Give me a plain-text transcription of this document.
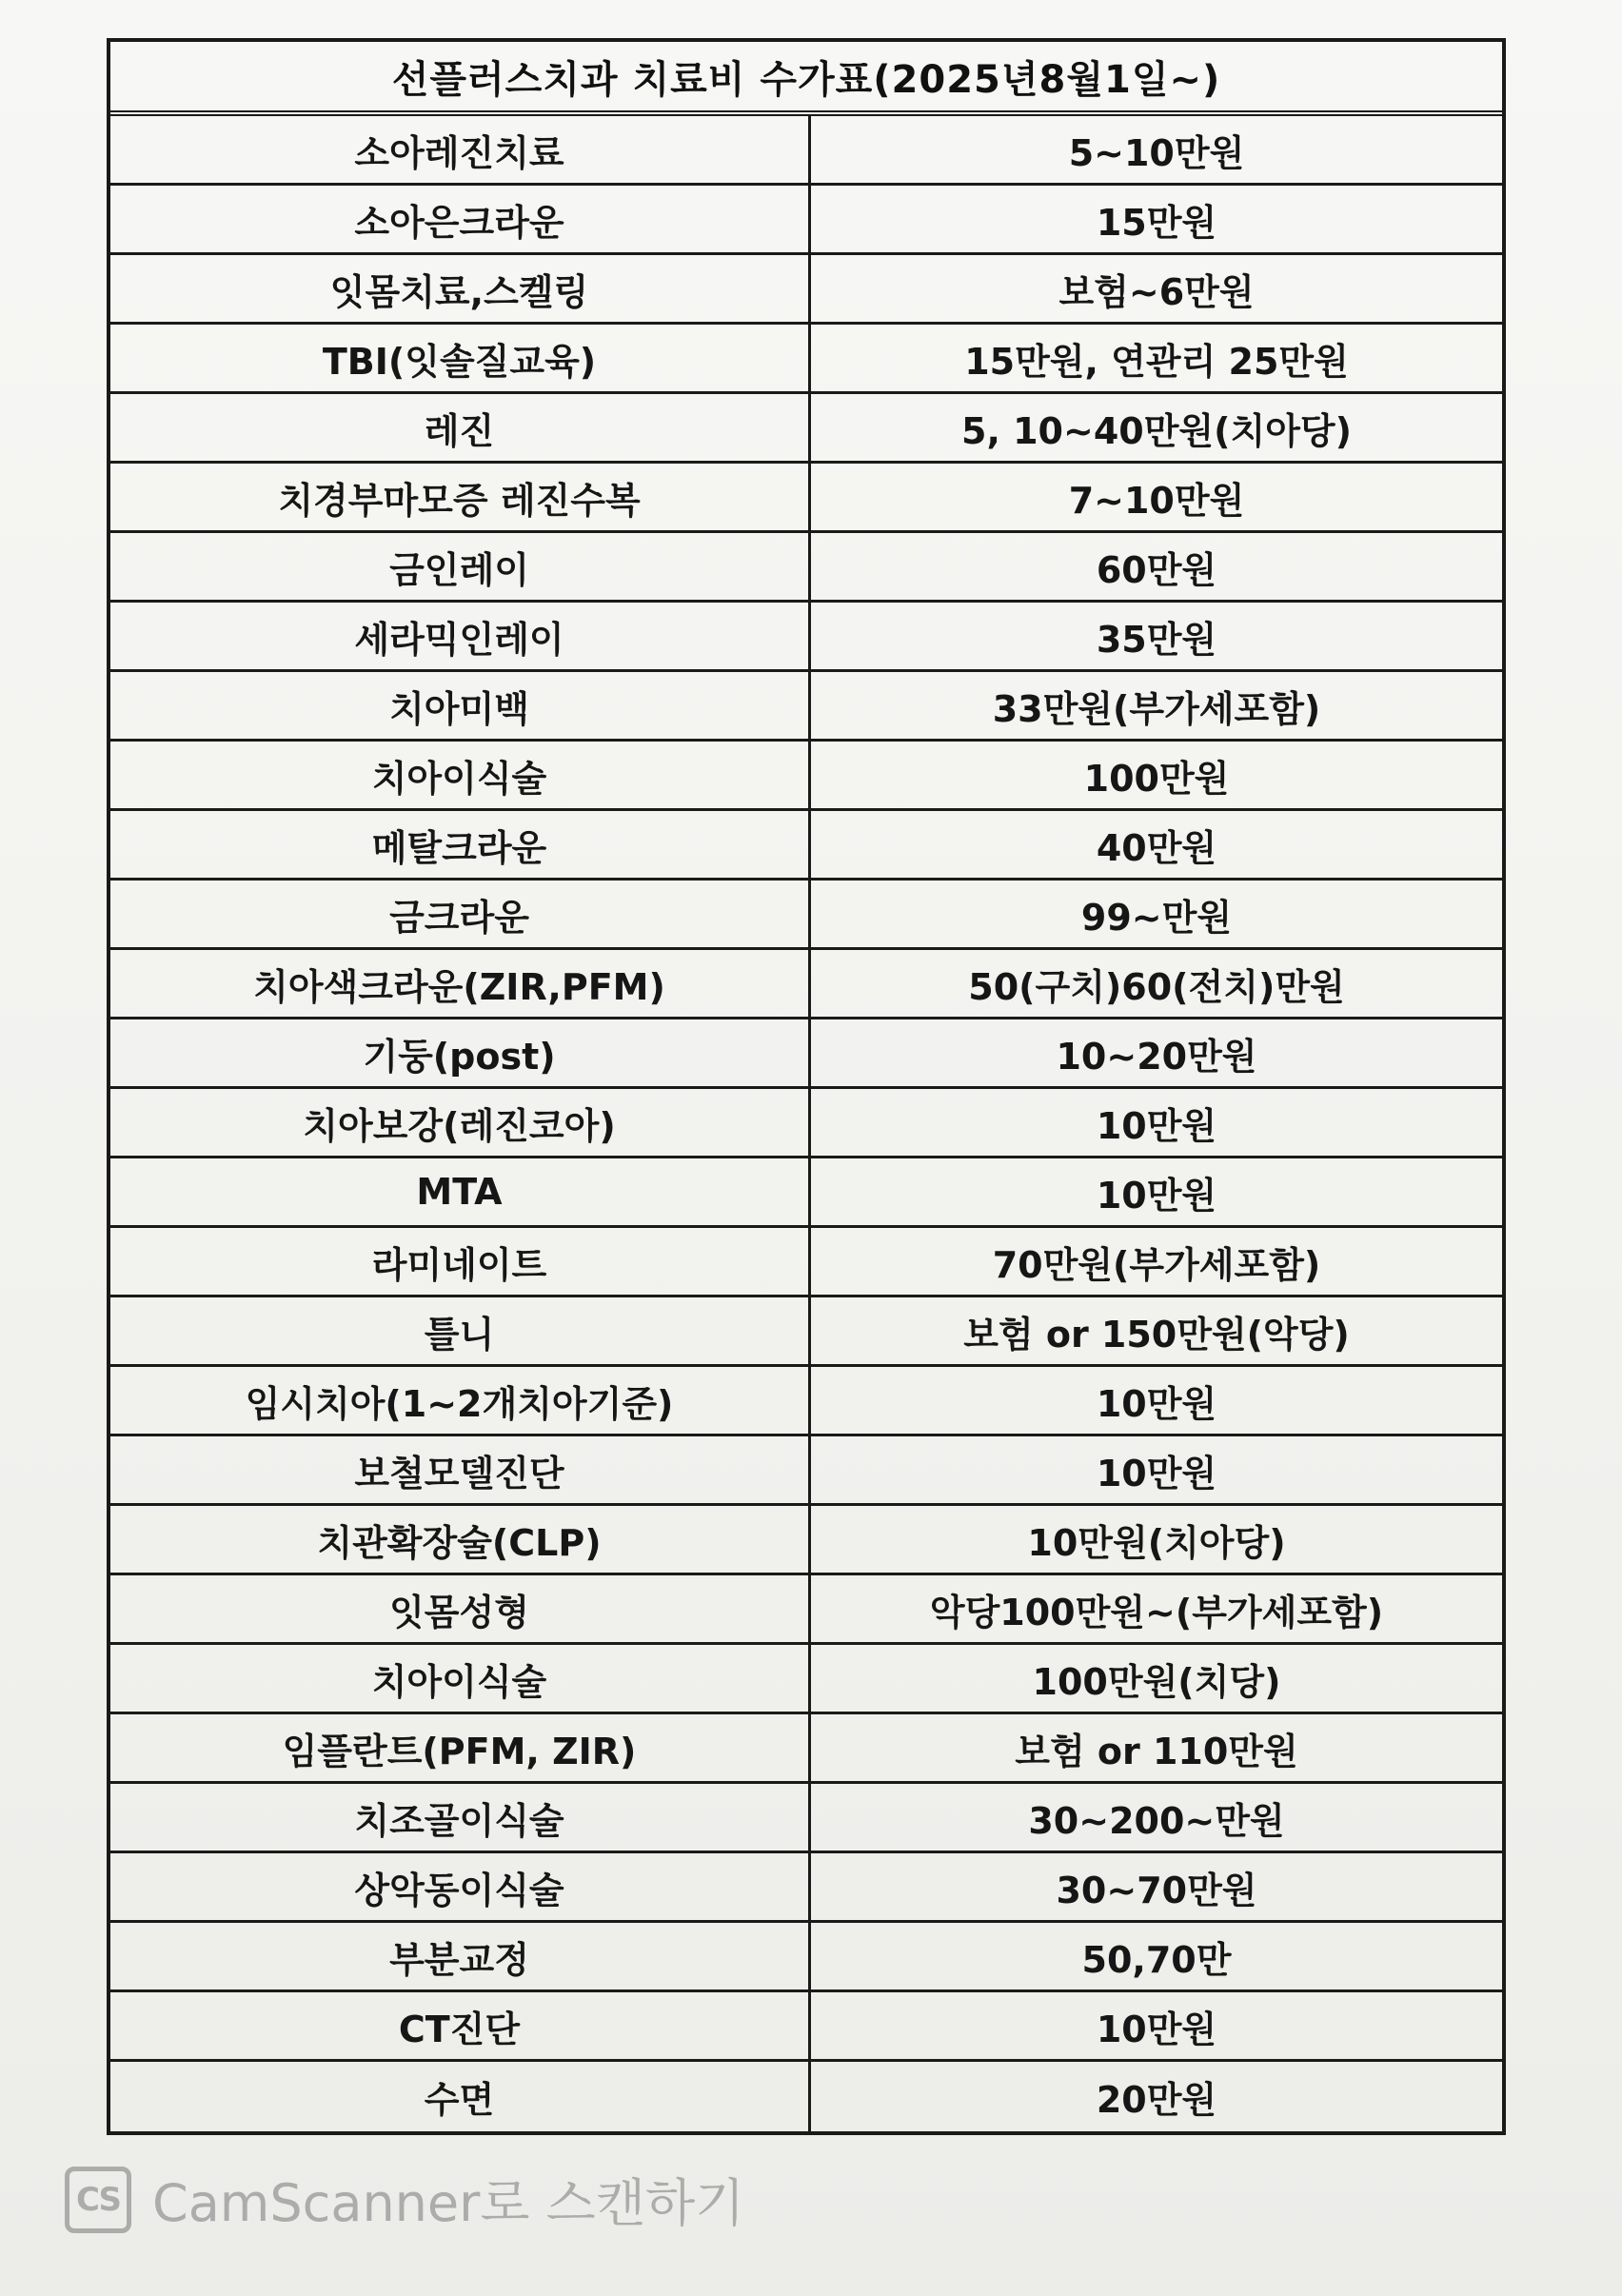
선플러스치과 치료비 수가표(2025년8월1일~)
소아레진치료	5~10만원
소아은크라운	15만원
잇몸치료,스켈링	보험~6만원
TBI(잇솔질교육)	15만원, 연관리 25만원
레진	5, 10~40만원(치아당)
치경부마모증 레진수복	7~10만원
금인레이	60만원
세라믹인레이	35만원
치아미백	33만원(부가세포함)
치아이식술	100만원
메탈크라운	40만원
금크라운	99~만원
치아색크라운(ZIR,PFM)	50(구치)60(전치)만원
기둥(post)	10~20만원
치아보강(레진코아)	10만원
MTA	10만원
라미네이트	70만원(부가세포함)
틀니	보험 or 150만원(악당)
임시치아(1~2개치아기준)	10만원
보철모델진단	10만원
치관확장술(CLP)	10만원(치아당)
잇몸성형	악당100만원~(부가세포함)
치아이식술	100만원(치당)
임플란트(PFM, ZIR)	보험 or 110만원
치조골이식술	30~200~만원
상악동이식술	30~70만원
부분교정	50,70만
CT진단	10만원
수면	20만원
CS CamScanner로 스캔하기
